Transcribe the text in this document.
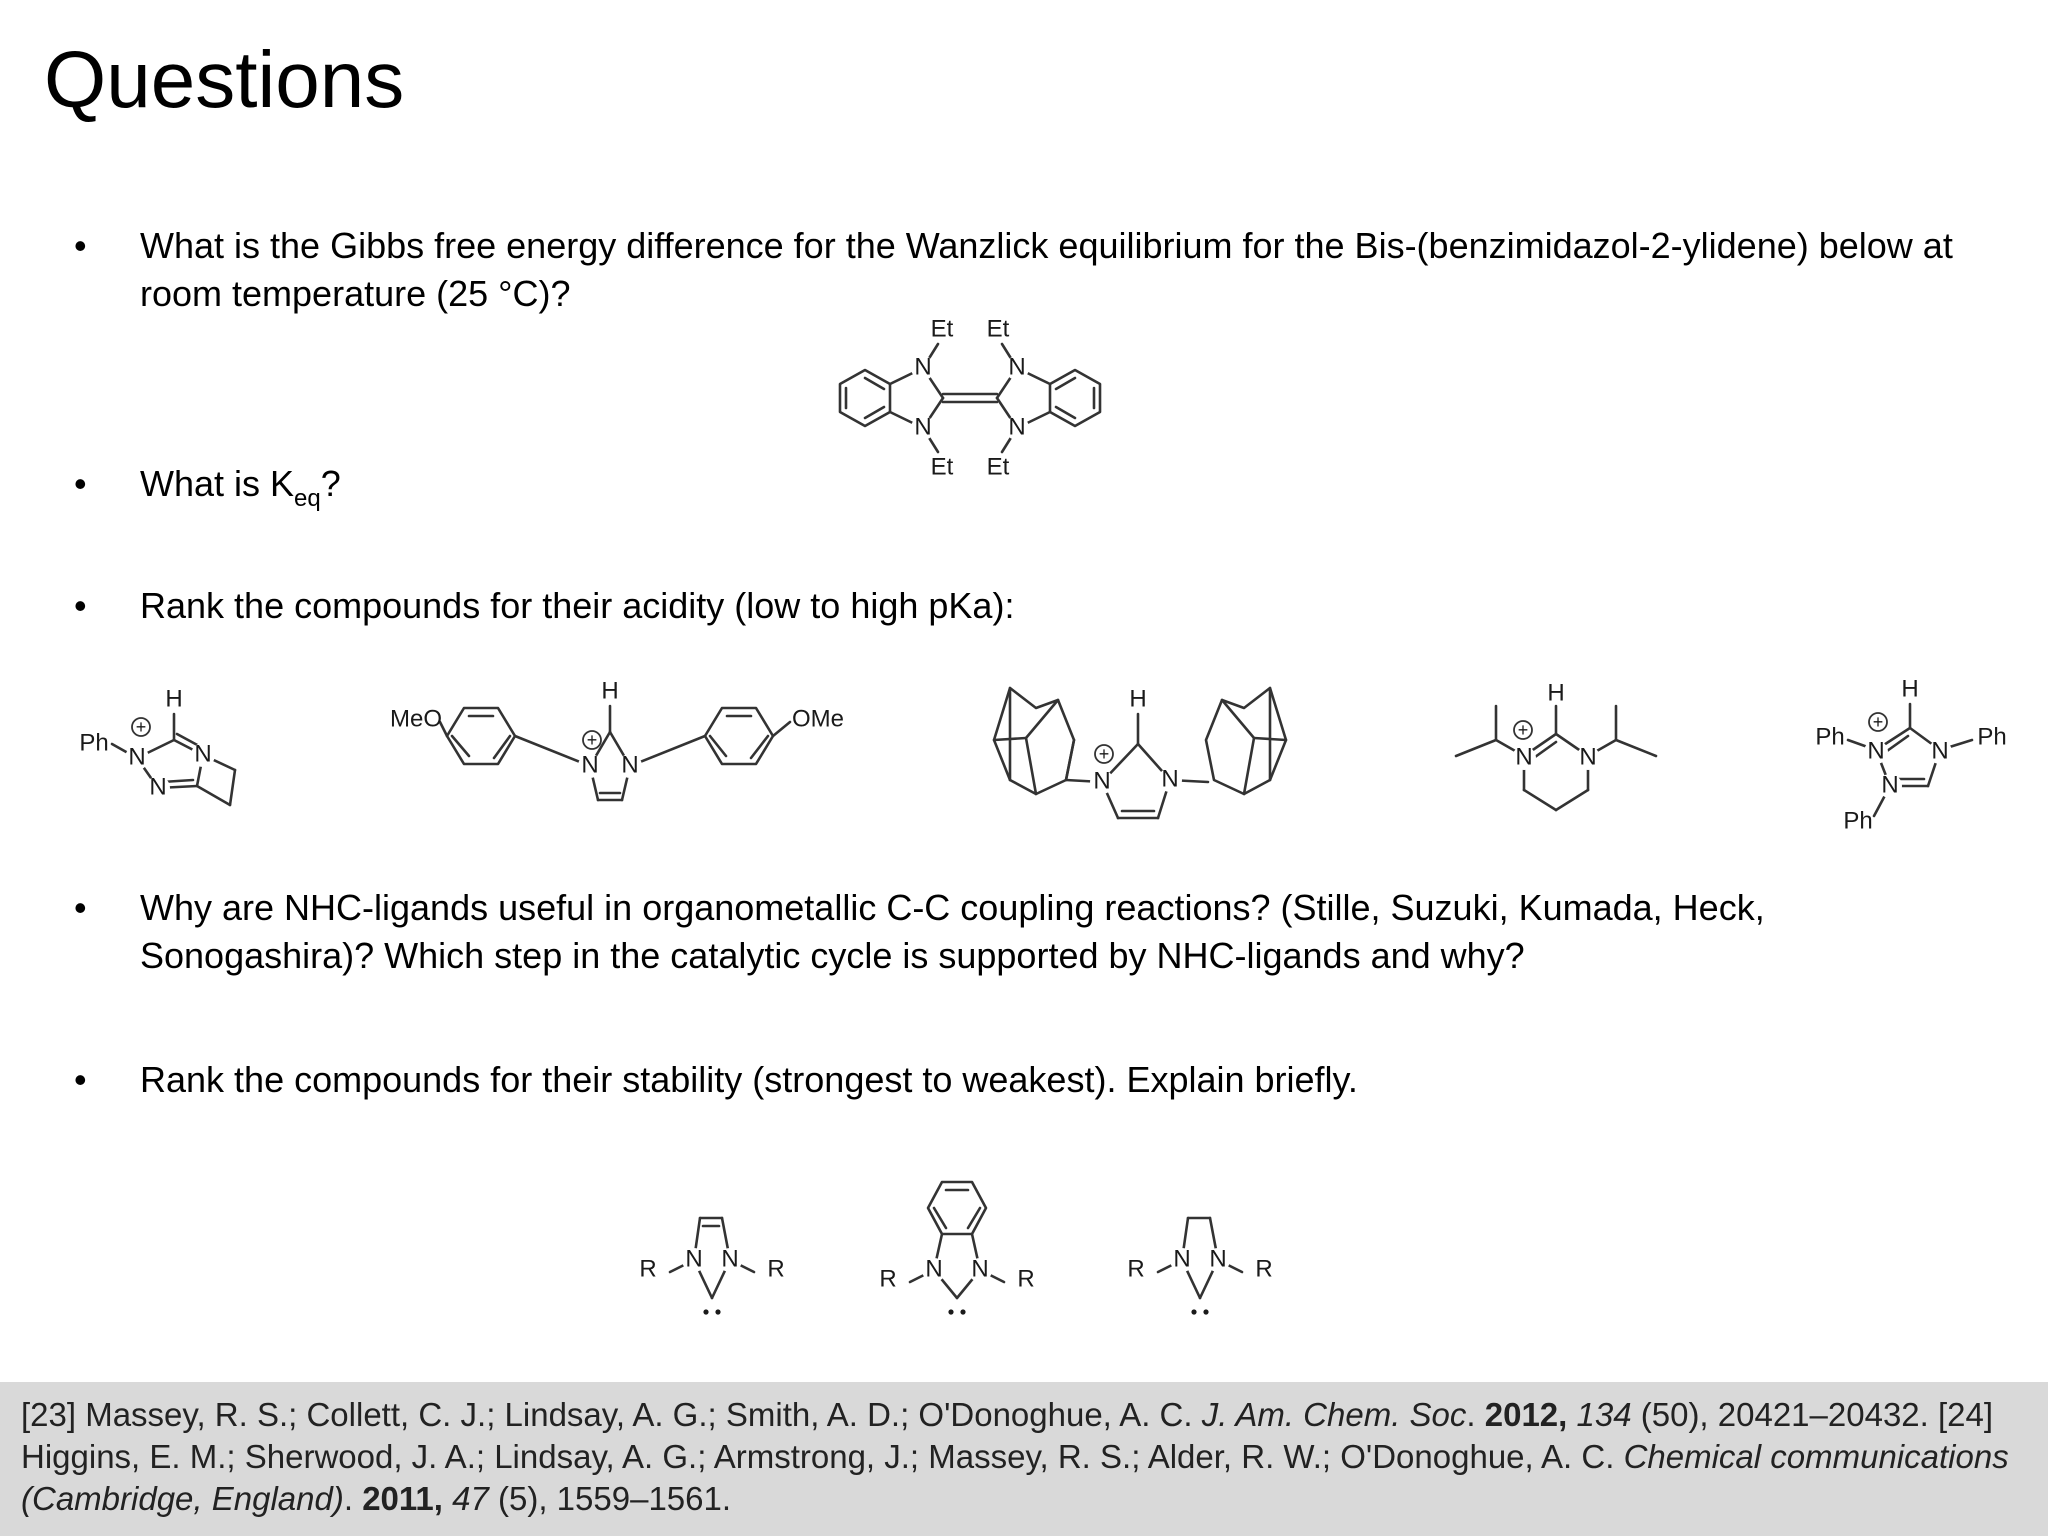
Questions
• What is the Gibbs free energy difference for the Wanzlick equilibrium for the Bis-(benzimidazol-2-ylidene) below at room temperature (25 °C)?
• What is $K_{eq}$?
• Rank the compounds for their acidity (low to high pKa):
• Why are NHC-ligands useful in organometallic C-C coupling reactions? (Stille, Suzuki, Kumada, Heck, Sonogashira)? Which step in the catalytic cycle is supported by NHC-ligands and why?
• Rank the compounds for their stability (strongest to weakest). Explain briefly.
N	N
N	N
Et Et
Et Et
N
N
N
H
Ph
+
N N
H
MeO	OMe
+
N N
H
+	N N
H
+
N N
N
H
Ph	Ph
Ph
+
N N
R	R	N N
R	R
N N
R	R
[23] Massey, R. S.; Collett, C. J.; Lindsay, A. G.; Smith, A. D.; O'Donoghue, A. C. J. Am. Chem. Soc. 2012, 134 (50), 20421–20432. [24] Higgins, E. M.; Sherwood, J. A.; Lindsay, A. G.; Armstrong, J.; Massey, R. S.; Alder, R. W.; O'Donoghue, A. C. Chemical communications (Cambridge, England). 2011, 47 (5), 1559–1561.
